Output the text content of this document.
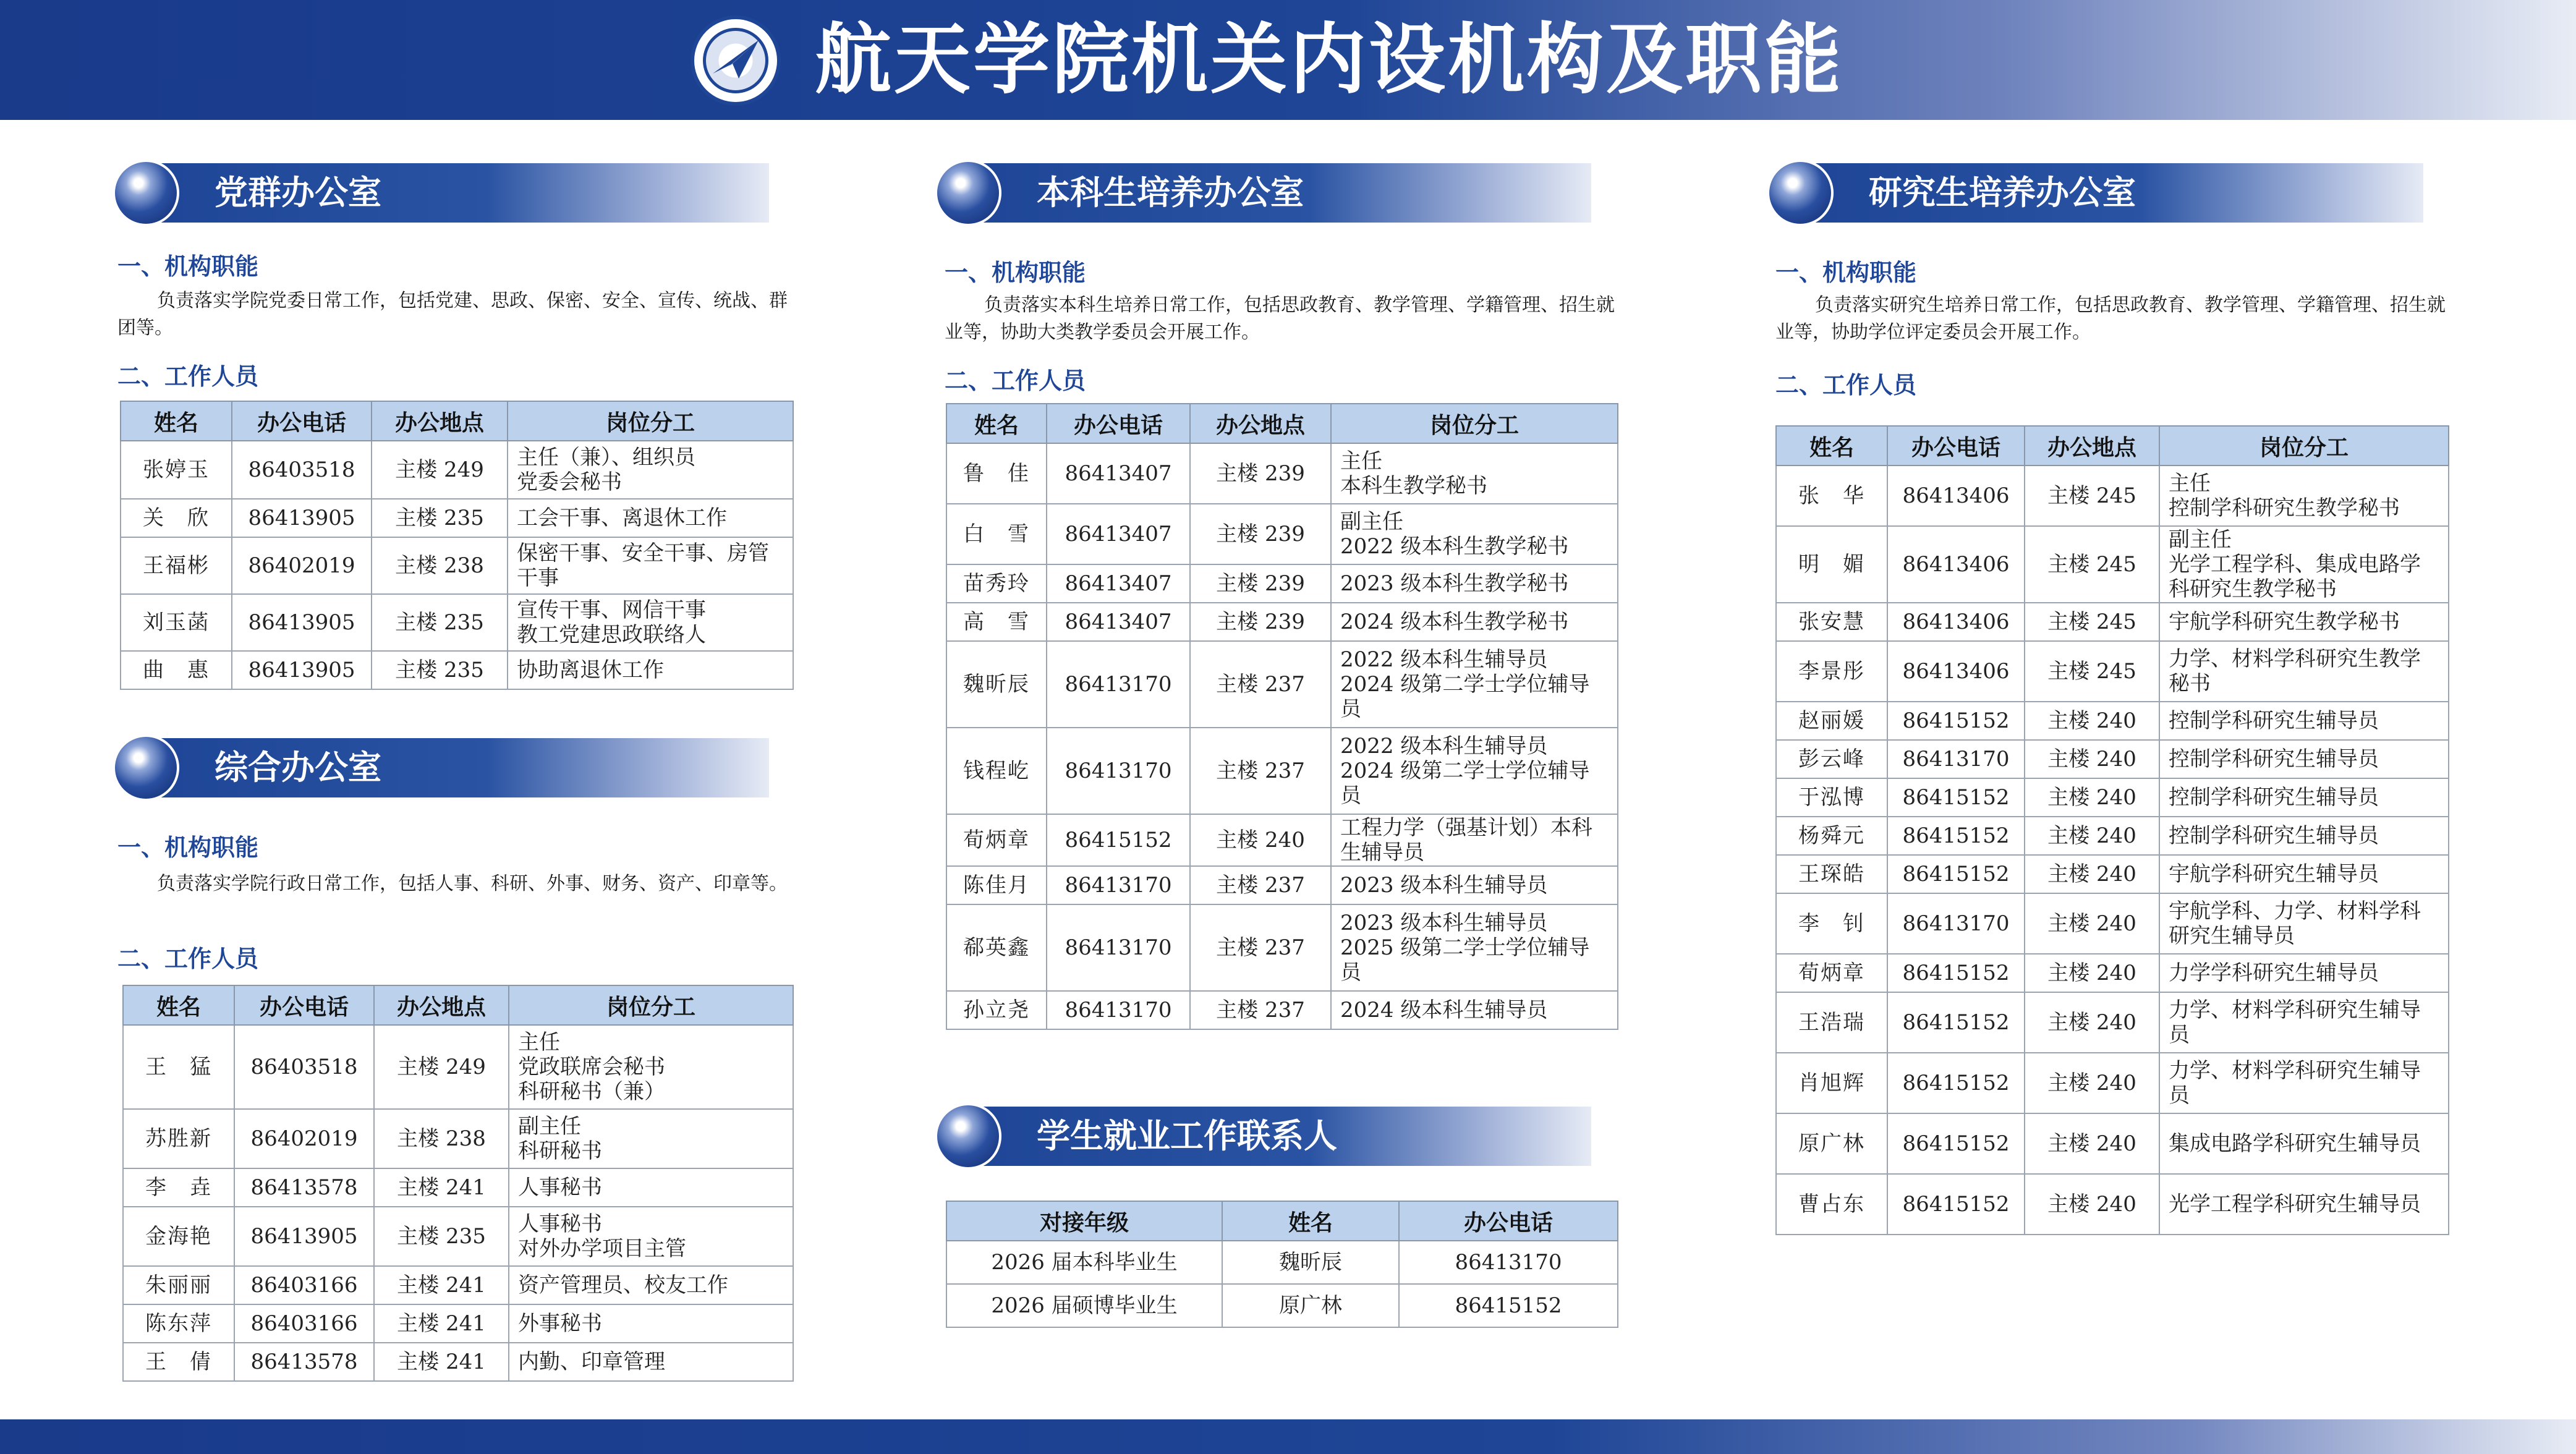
航天学院机关内设机构及职能
党群办公室
一、机构职能
负责落实学院党委日常工作，包括党建、思政、保密、安全、宣传、统战、群团等。
二、工作人员
姓名	办公电话	办公地点	岗位分工
张婷玉	86403518	主楼 249	主任（兼）、组织员
党委会秘书
关　欣	86413905	主楼 235	工会干事、离退休工作
王福彬	86402019	主楼 238	保密干事、安全干事、房管干事
刘玉菡	86413905	主楼 235	宣传干事、网信干事
教工党建思政联络人
曲　惠	86413905	主楼 235	协助离退休工作
综合办公室
一、机构职能
负责落实学院行政日常工作，包括人事、科研、外事、财务、资产、印章等。
二、工作人员
姓名	办公电话	办公地点	岗位分工
王　猛	86403518	主楼 249	主任
党政联席会秘书
科研秘书（兼）
苏胜新	86402019	主楼 238	副主任
科研秘书
李　垚	86413578	主楼 241	人事秘书
金海艳	86413905	主楼 235	人事秘书
对外办学项目主管
朱丽丽	86403166	主楼 241	资产管理员、校友工作
陈东萍	86403166	主楼 241	外事秘书
王　倩	86413578	主楼 241	内勤、印章管理
本科生培养办公室
一、机构职能
负责落实本科生培养日常工作，包括思政教育、教学管理、学籍管理、招生就业等，协助大类教学委员会开展工作。
二、工作人员
姓名	办公电话	办公地点	岗位分工
鲁　佳	86413407	主楼 239	主任
本科生教学秘书
白　雪	86413407	主楼 239	副主任
2022 级本科生教学秘书
苗秀玲	86413407	主楼 239	2023 级本科生教学秘书
高　雪	86413407	主楼 239	2024 级本科生教学秘书
魏昕辰	86413170	主楼 237	2022 级本科生辅导员
2024 级第二学士学位辅导员
钱程屹	86413170	主楼 237	2022 级本科生辅导员
2024 级第二学士学位辅导员
荀炳章	86415152	主楼 240	工程力学（强基计划）本科生辅导员
陈佳月	86413170	主楼 237	2023 级本科生辅导员
郗英鑫	86413170	主楼 237	2023 级本科生辅导员
2025 级第二学士学位辅导员
孙立尧	86413170	主楼 237	2024 级本科生辅导员
学生就业工作联系人
对接年级	姓名	办公电话
2026 届本科毕业生	魏昕辰	86413170
2026 届硕博毕业生	原广林	86415152
研究生培养办公室
一、机构职能
负责落实研究生培养日常工作，包括思政教育、教学管理、学籍管理、招生就业等，协助学位评定委员会开展工作。
二、工作人员
姓名	办公电话	办公地点	岗位分工
张　华	86413406	主楼 245	主任
控制学科研究生教学秘书
明　媚	86413406	主楼 245	副主任
光学工程学科、集成电路学科研究生教学秘书
张安慧	86413406	主楼 245	宇航学科研究生教学秘书
李景彤	86413406	主楼 245	力学、材料学科研究生教学秘书
赵丽媛	86415152	主楼 240	控制学科研究生辅导员
彭云峰	86413170	主楼 240	控制学科研究生辅导员
于泓博	86415152	主楼 240	控制学科研究生辅导员
杨舜元	86415152	主楼 240	控制学科研究生辅导员
王琛皓	86415152	主楼 240	宇航学科研究生辅导员
李　钊	86413170	主楼 240	宇航学科、力学、材料学科研究生辅导员
荀炳章	86415152	主楼 240	力学学科研究生辅导员
王浩瑞	86415152	主楼 240	力学、材料学科研究生辅导员
肖旭辉	86415152	主楼 240	力学、材料学科研究生辅导员
原广林	86415152	主楼 240	集成电路学科研究生辅导员
曹占东	86415152	主楼 240	光学工程学科研究生辅导员
